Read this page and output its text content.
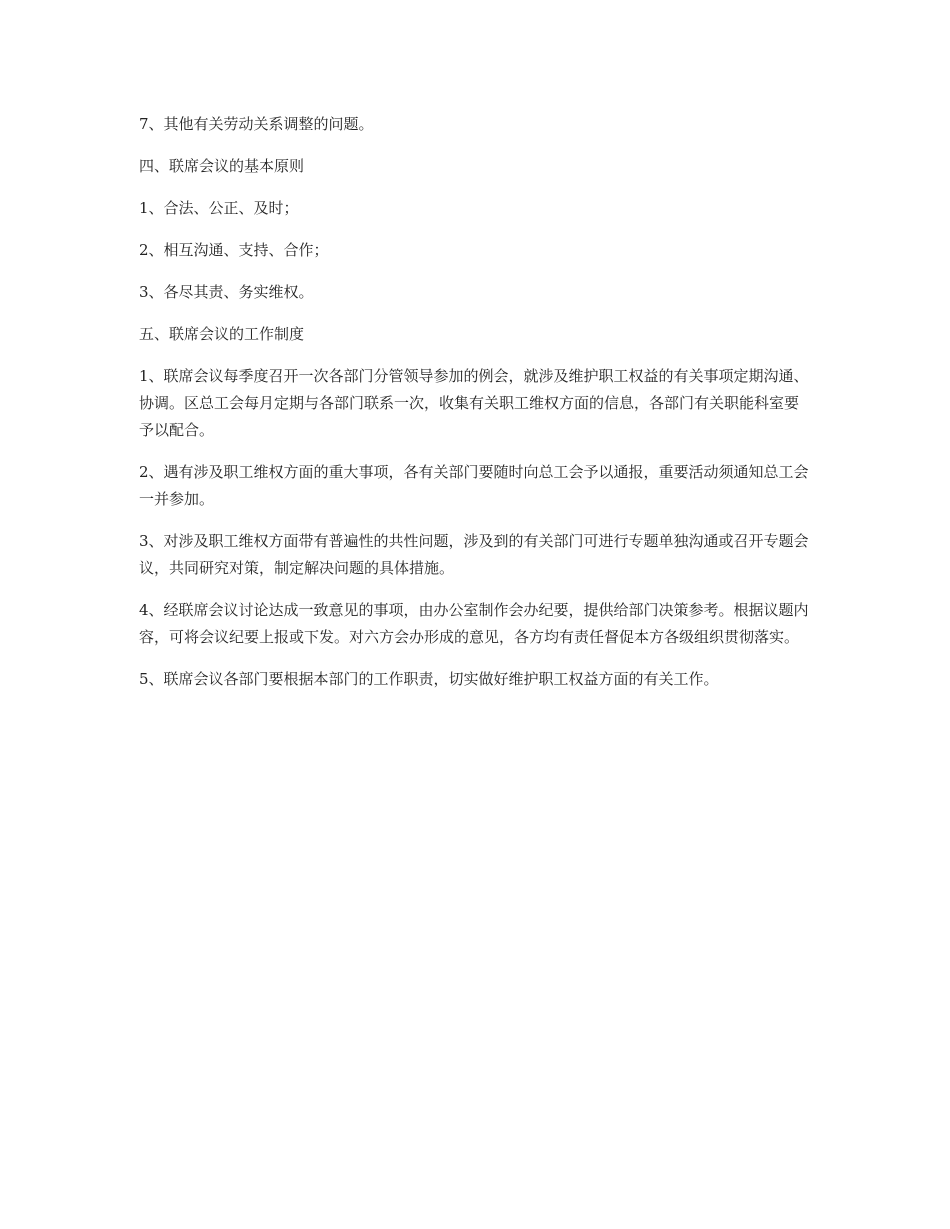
7、其他有关劳动关系调整的问题。

四、联席会议的基本原则

1、合法、公正、及时；

2、相互沟通、支持、合作；

3、各尽其责、务实维权。

五、联席会议的工作制度

1、联席会议每季度召开一次各部门分管领导参加的例会，就涉及维护职工权益的有关事项定期沟通、协调。区总工会每月定期与各部门联系一次，收集有关职工维权方面的信息，各部门有关职能科室要予以配合。

2、遇有涉及职工维权方面的重大事项，各有关部门要随时向总工会予以通报，重要活动须通知总工会一并参加。

3、对涉及职工维权方面带有普遍性的共性问题，涉及到的有关部门可进行专题单独沟通或召开专题会议，共同研究对策，制定解决问题的具体措施。

4、经联席会议讨论达成一致意见的事项，由办公室制作会办纪要，提供给部门决策参考。根据议题内容，可将会议纪要上报或下发。对六方会办形成的意见，各方均有责任督促本方各级组织贯彻落实。

5、联席会议各部门要根据本部门的工作职责，切实做好维护职工权益方面的有关工作。
